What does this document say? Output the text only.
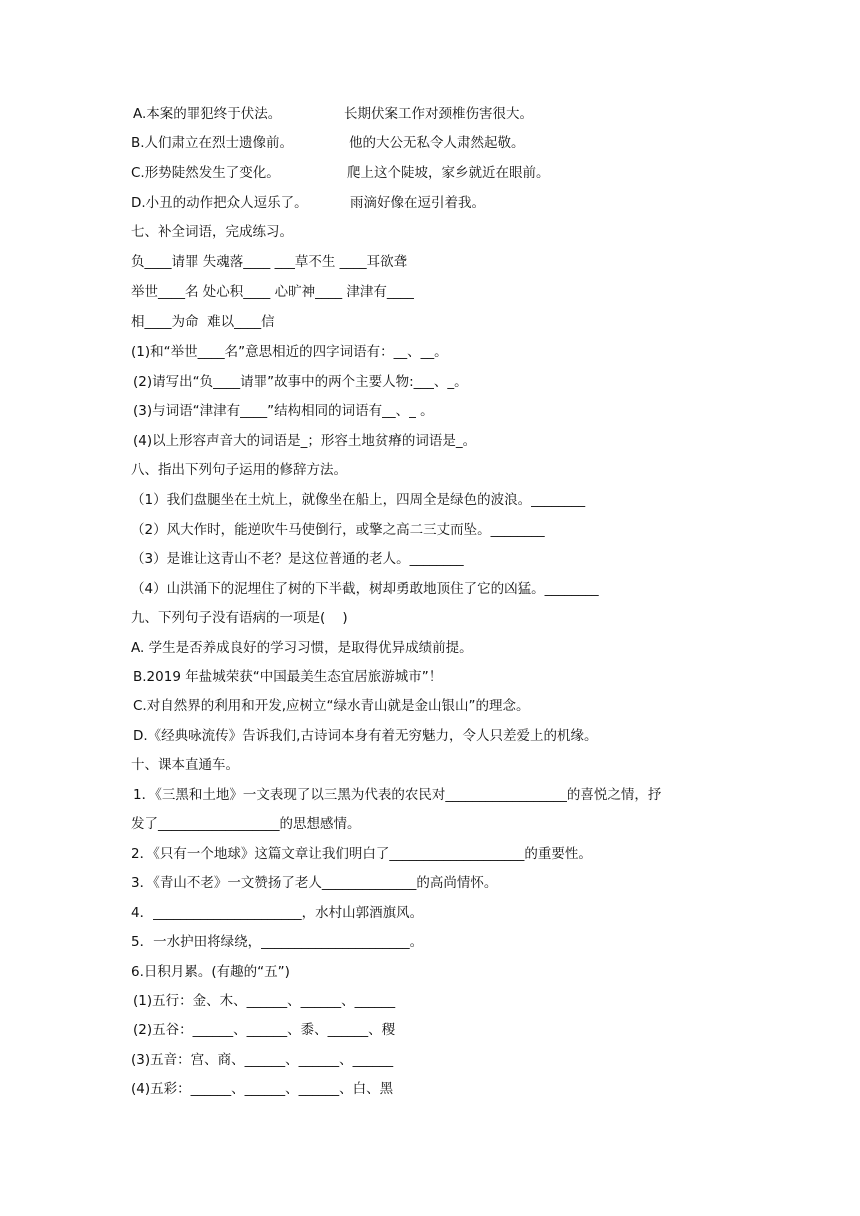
A.本案的罪犯终于伏法。	长期伏案工作对颈椎伤害很大。
B.人们肃立在烈士遗像前。	他的大公无私令人肃然起敬。
C.形势陡然发生了变化。	爬上这个陡坡，家乡就近在眼前。
D.小丑的动作把众人逗乐了。	雨滴好像在逗引着我。
七、补全词语，完成练习。
负____请罪 失魂落____ ___草不生 ____耳欲聋
举世____名 处心积____ 心旷神____ 津津有____
相____为命  难以____信
(1)和“举世____名”意思相近的四字词语有：__、__。
(2)请写出“负____请罪”故事中的两个主要人物:___、_。
(3)与词语“津津有____”结构相同的词语有__、_ 。
(4)以上形容声音大的词语是_；形容土地贫瘠的词语是_。
八、指出下列句子运用的修辞方法。
（1）我们盘腿坐在土炕上，就像坐在船上，四周全是绿色的波浪。________
（2）风大作时，能逆吹牛马使倒行，或擎之高二三丈而坠。________
（3）是谁让这青山不老？是这位普通的老人。________
（4）山洪涌下的泥埋住了树的下半截，树却勇敢地顶住了它的凶猛。________
九、下列句子没有语病的一项是(    )
A. 学生是否养成良好的学习习惯，是取得优异成绩前提。
B.2019 年盐城荣获“中国最美生态宜居旅游城市”！
C.对自然界的利用和开发,应树立“绿水青山就是金山银山”的理念。
D.《经典咏流传》告诉我们,古诗词本身有着无穷魅力，令人只差爱上的机缘。
十、课本直通车。
1．《三黑和土地》一文表现了以三黑为代表的农民对__________________的喜悦之情，抒
发了__________________的思想感情。
2．《只有一个地球》这篇文章让我们明白了____________________的重要性。
3．《青山不老》一文赞扬了老人______________的高尚情怀。
4．______________________，水村山郭酒旗风。
5．一水护田将绿绕，______________________。
6.日积月累。(有趣的“五”)
(1)五行：金、木、______、______、______
(2)五谷：______、______、黍、______、稷
(3)五音：宫、商、______、______、______
(4)五彩：______、______、______、白、黑
